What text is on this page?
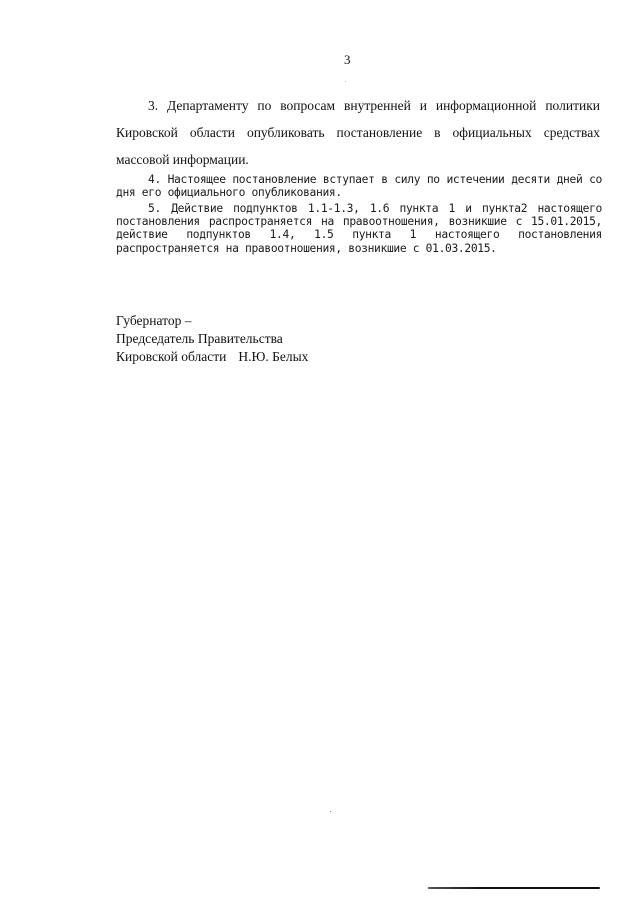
3
3. Департаменту по вопросам внутренней и информационной политики Кировской области опубликовать постановление в официальных средствах массовой информации.
4. Настоящее постановление вступает в силу по истечении десяти дней со дня его официального опубликования.
5. Действие подпунктов 1.1-1.3, 1.6 пункта 1 и пункта2 настоящего постановления распространяется на правоотношения, возникшие с 15.01.2015, действие подпунктов 1.4, 1.5 пункта 1 настоящего постановления распространяется на правоотношения, возникшие с 01.03.2015.
Губернатор –
Председатель Правительства
Кировской области Н.Ю. Белых
